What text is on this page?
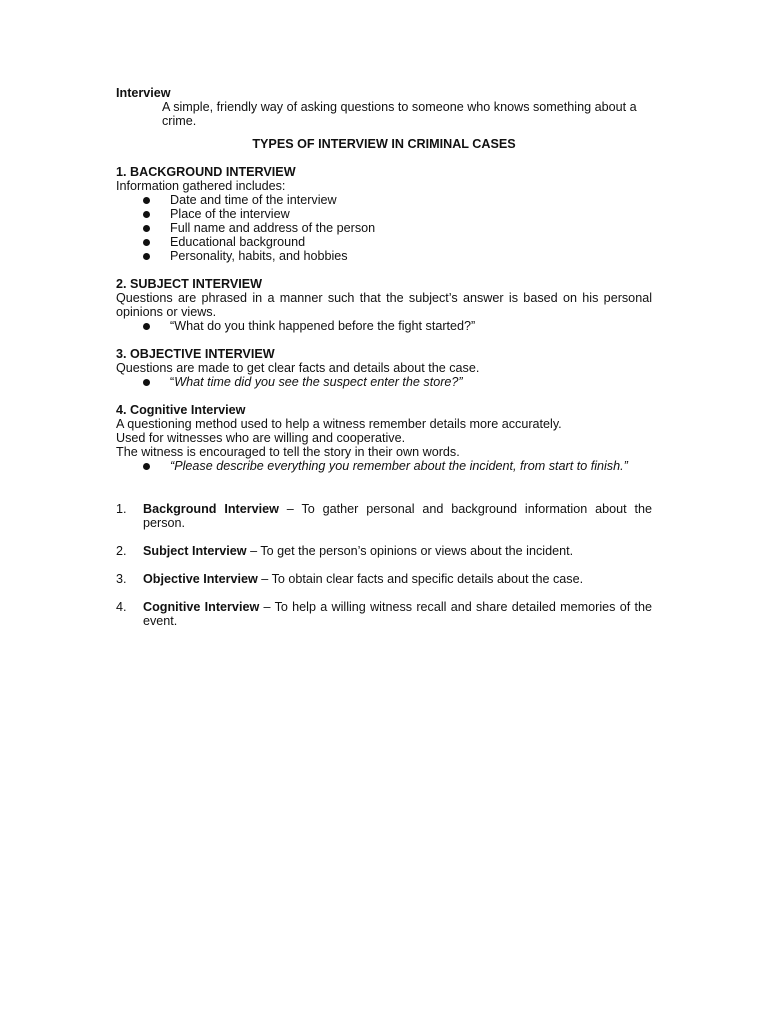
Interview
A simple, friendly way of asking questions to someone who knows something about a crime.
TYPES OF INTERVIEW IN CRIMINAL CASES
1. BACKGROUND INTERVIEW
Information gathered includes:
Date and time of the interview
Place of the interview
Full name and address of the person
Educational background
Personality, habits, and hobbies
2. SUBJECT INTERVIEW
Questions are phrased in a manner such that the subject’s answer is based on his personal opinions or views.
“What do you think happened before the fight started?”
3. OBJECTIVE INTERVIEW
Questions are made to get clear facts and details about the case.
“What time did you see the suspect enter the store?”
4. Cognitive Interview
A questioning method used to help a witness remember details more accurately.
Used for witnesses who are willing and cooperative.
The witness is encouraged to tell the story in their own words.
“Please describe everything you remember about the incident, from start to finish.”
1. Background Interview – To gather personal and background information about the person.
2. Subject Interview – To get the person’s opinions or views about the incident.
3. Objective Interview – To obtain clear facts and specific details about the case.
4. Cognitive Interview – To help a willing witness recall and share detailed memories of the event.
